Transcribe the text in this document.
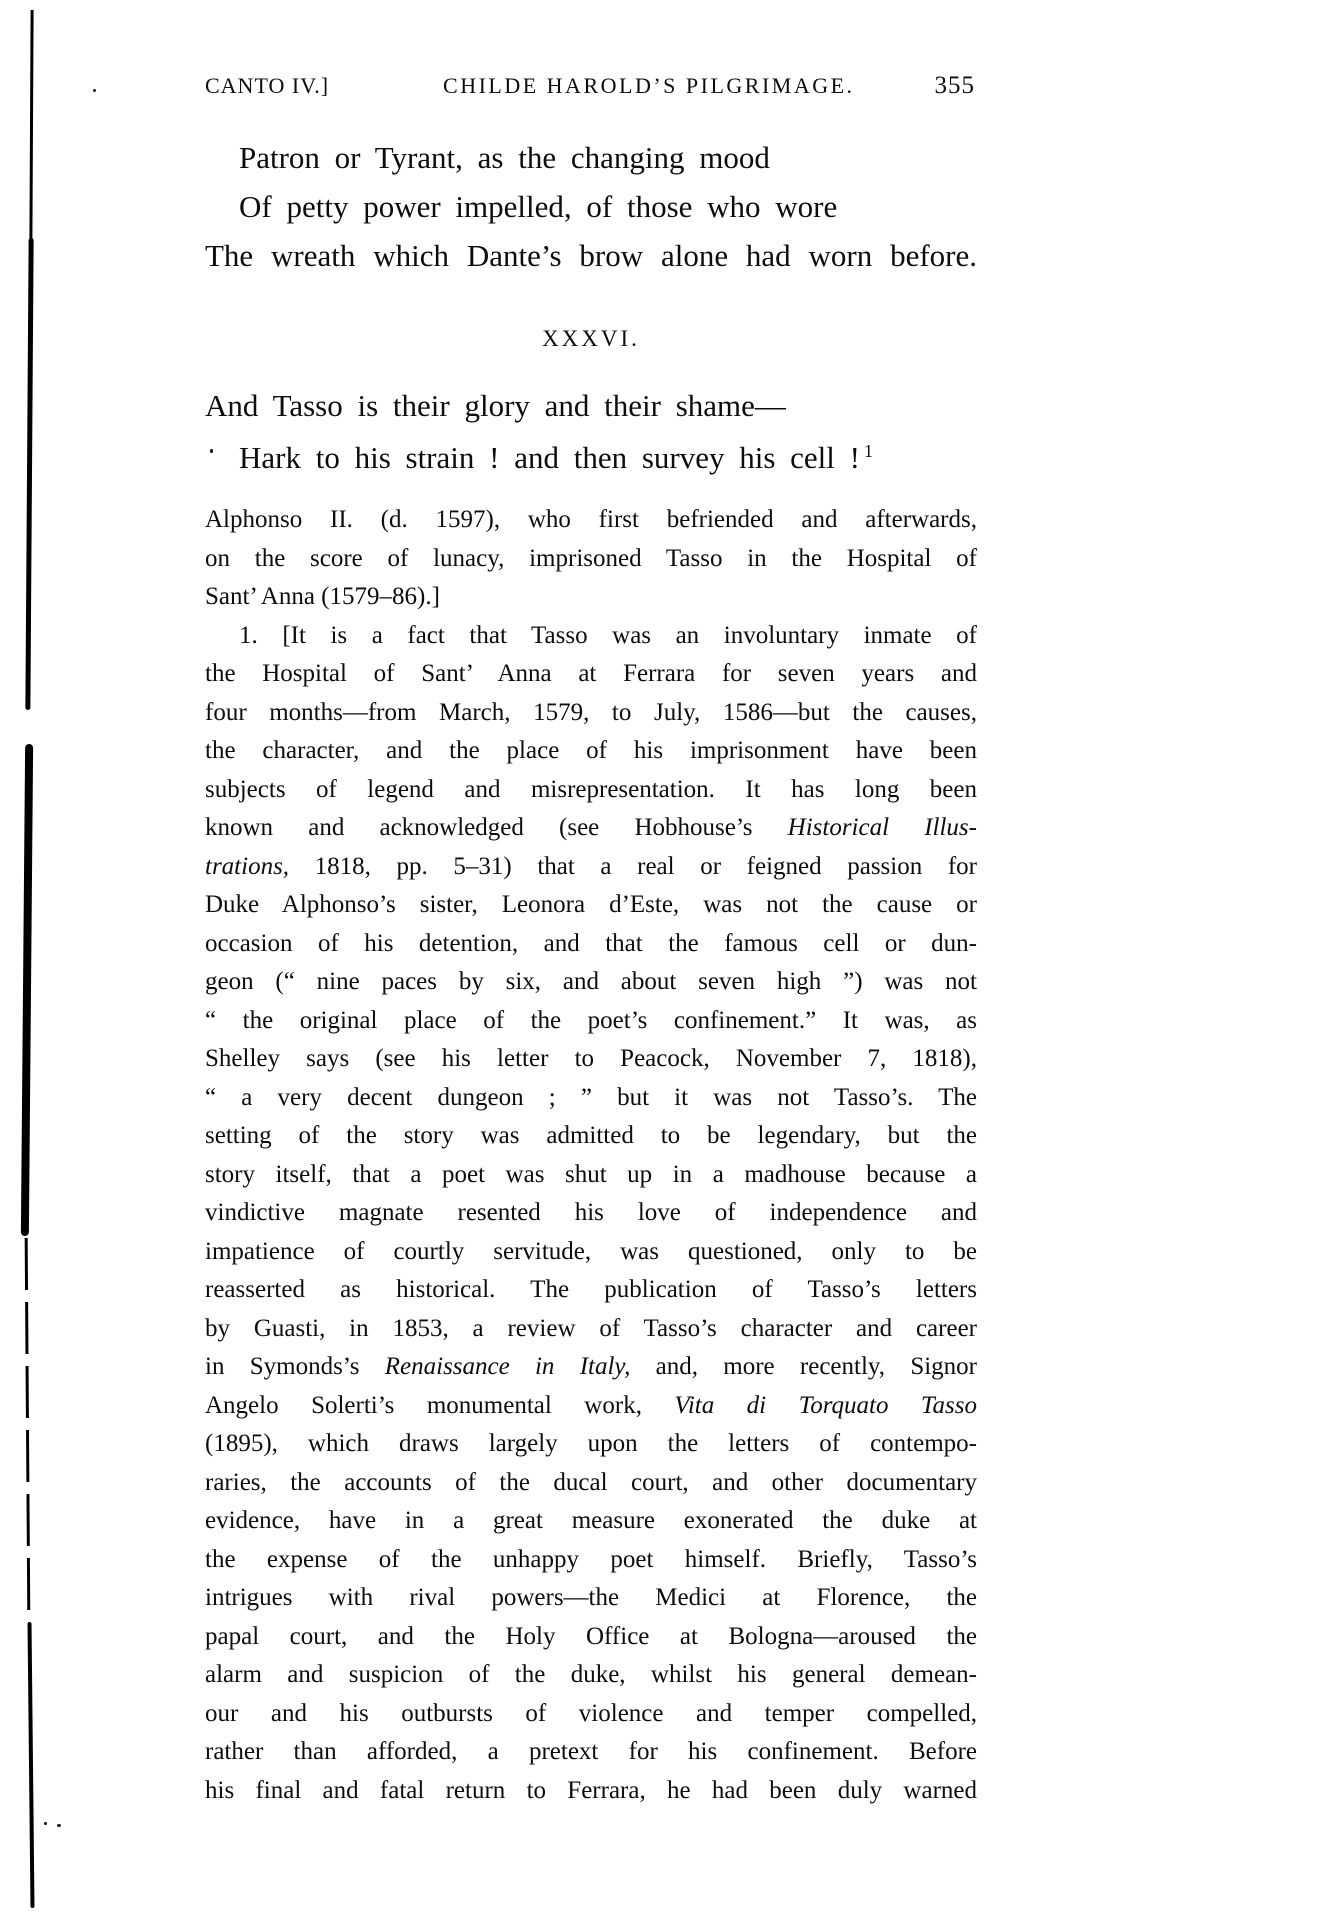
CANTO IV.]	CHILDE HAROLD’S PILGRIMAGE.	355
Patron or Tyrant, as the changing mood
Of petty power impelled, of those who wore
The wreath which Dante’s brow alone had worn before.
XXXVI.
And Tasso is their glory and their shame—
Hark to his strain ! and then survey his cell ! $^1$
Alphonso II. (d. 1597), who first befriended and afterwards,
on the score of lunacy, imprisoned Tasso in the Hospital of
Sant’ Anna (1579–86).]
1. [It is a fact that Tasso was an involuntary inmate of
the Hospital of Sant’ Anna at Ferrara for seven years and
four months—from March, 1579, to July, 1586—but the causes,
the character, and the place of his imprisonment have been
subjects of legend and misrepresentation. It has long been
known and acknowledged (see Hobhouse’s Historical Illus-
trations, 1818, pp. 5–31) that a real or feigned passion for
Duke Alphonso’s sister, Leonora d’Este, was not the cause or
occasion of his detention, and that the famous cell or dun-
geon (“ nine paces by six, and about seven high ”) was not
“ the original place of the poet’s confinement.” It was, as
Shelley says (see his letter to Peacock, November 7, 1818),
“ a very decent dungeon ; ” but it was not Tasso’s. The
setting of the story was admitted to be legendary, but the
story itself, that a poet was shut up in a madhouse because a
vindictive magnate resented his love of independence and
impatience of courtly servitude, was questioned, only to be
reasserted as historical. The publication of Tasso’s letters
by Guasti, in 1853, a review of Tasso’s character and career
in Symonds’s Renaissance in Italy, and, more recently, Signor
Angelo Solerti’s monumental work, Vita di Torquato Tasso
(1895), which draws largely upon the letters of contempo-
raries, the accounts of the ducal court, and other documentary
evidence, have in a great measure exonerated the duke at
the expense of the unhappy poet himself. Briefly, Tasso’s
intrigues with rival powers—the Medici at Florence, the
papal court, and the Holy Office at Bologna—aroused the
alarm and suspicion of the duke, whilst his general demean-
our and his outbursts of violence and temper compelled,
rather than afforded, a pretext for his confinement. Before
his final and fatal return to Ferrara, he had been duly warned
